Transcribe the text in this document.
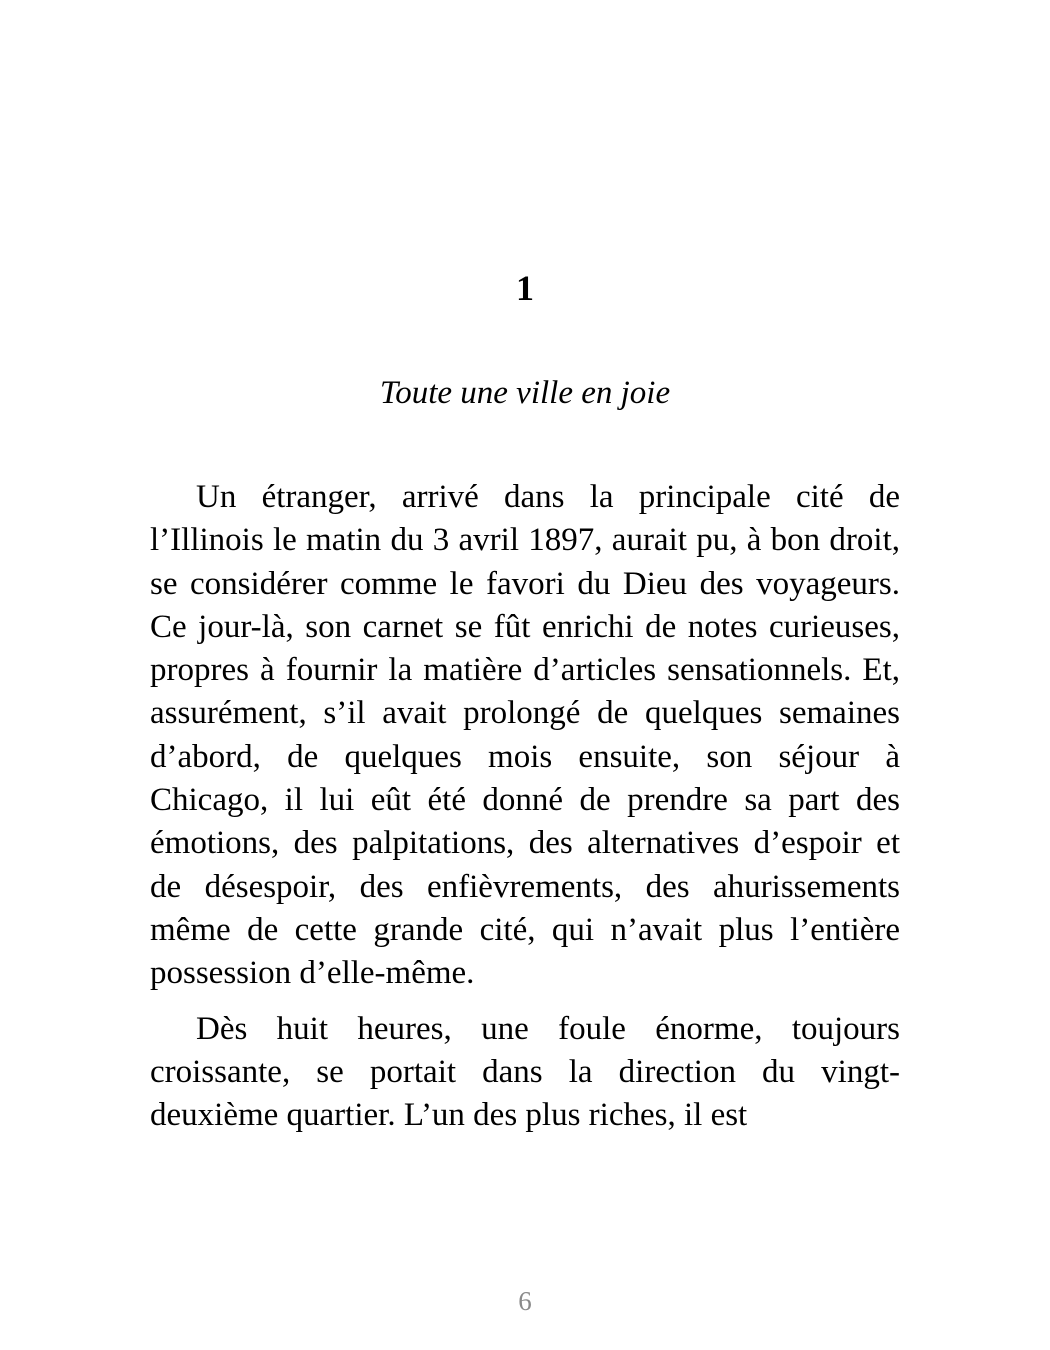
1
Toute une ville en joie

Un étranger, arrivé dans la principale cité de l’Illinois le matin du 3 avril 1897, aurait pu, à bon droit, se considérer comme le favori du Dieu des voyageurs. Ce jour-là, son carnet se fût enrichi de notes curieuses, propres à fournir la matière d’articles sensationnels. Et, assurément, s’il avait prolongé de quelques semaines d’abord, de quelques mois ensuite, son séjour à Chicago, il lui eût été donné de prendre sa part des émotions, des palpitations, des alternatives d’espoir et de désespoir, des enfièvrements, des ahurissements même de cette grande cité, qui n’avait plus l’entière possession d’elle-même.

Dès huit heures, une foule énorme, toujours croissante, se portait dans la direction du vingt-deuxième quartier. L’un des plus riches, il est

6
